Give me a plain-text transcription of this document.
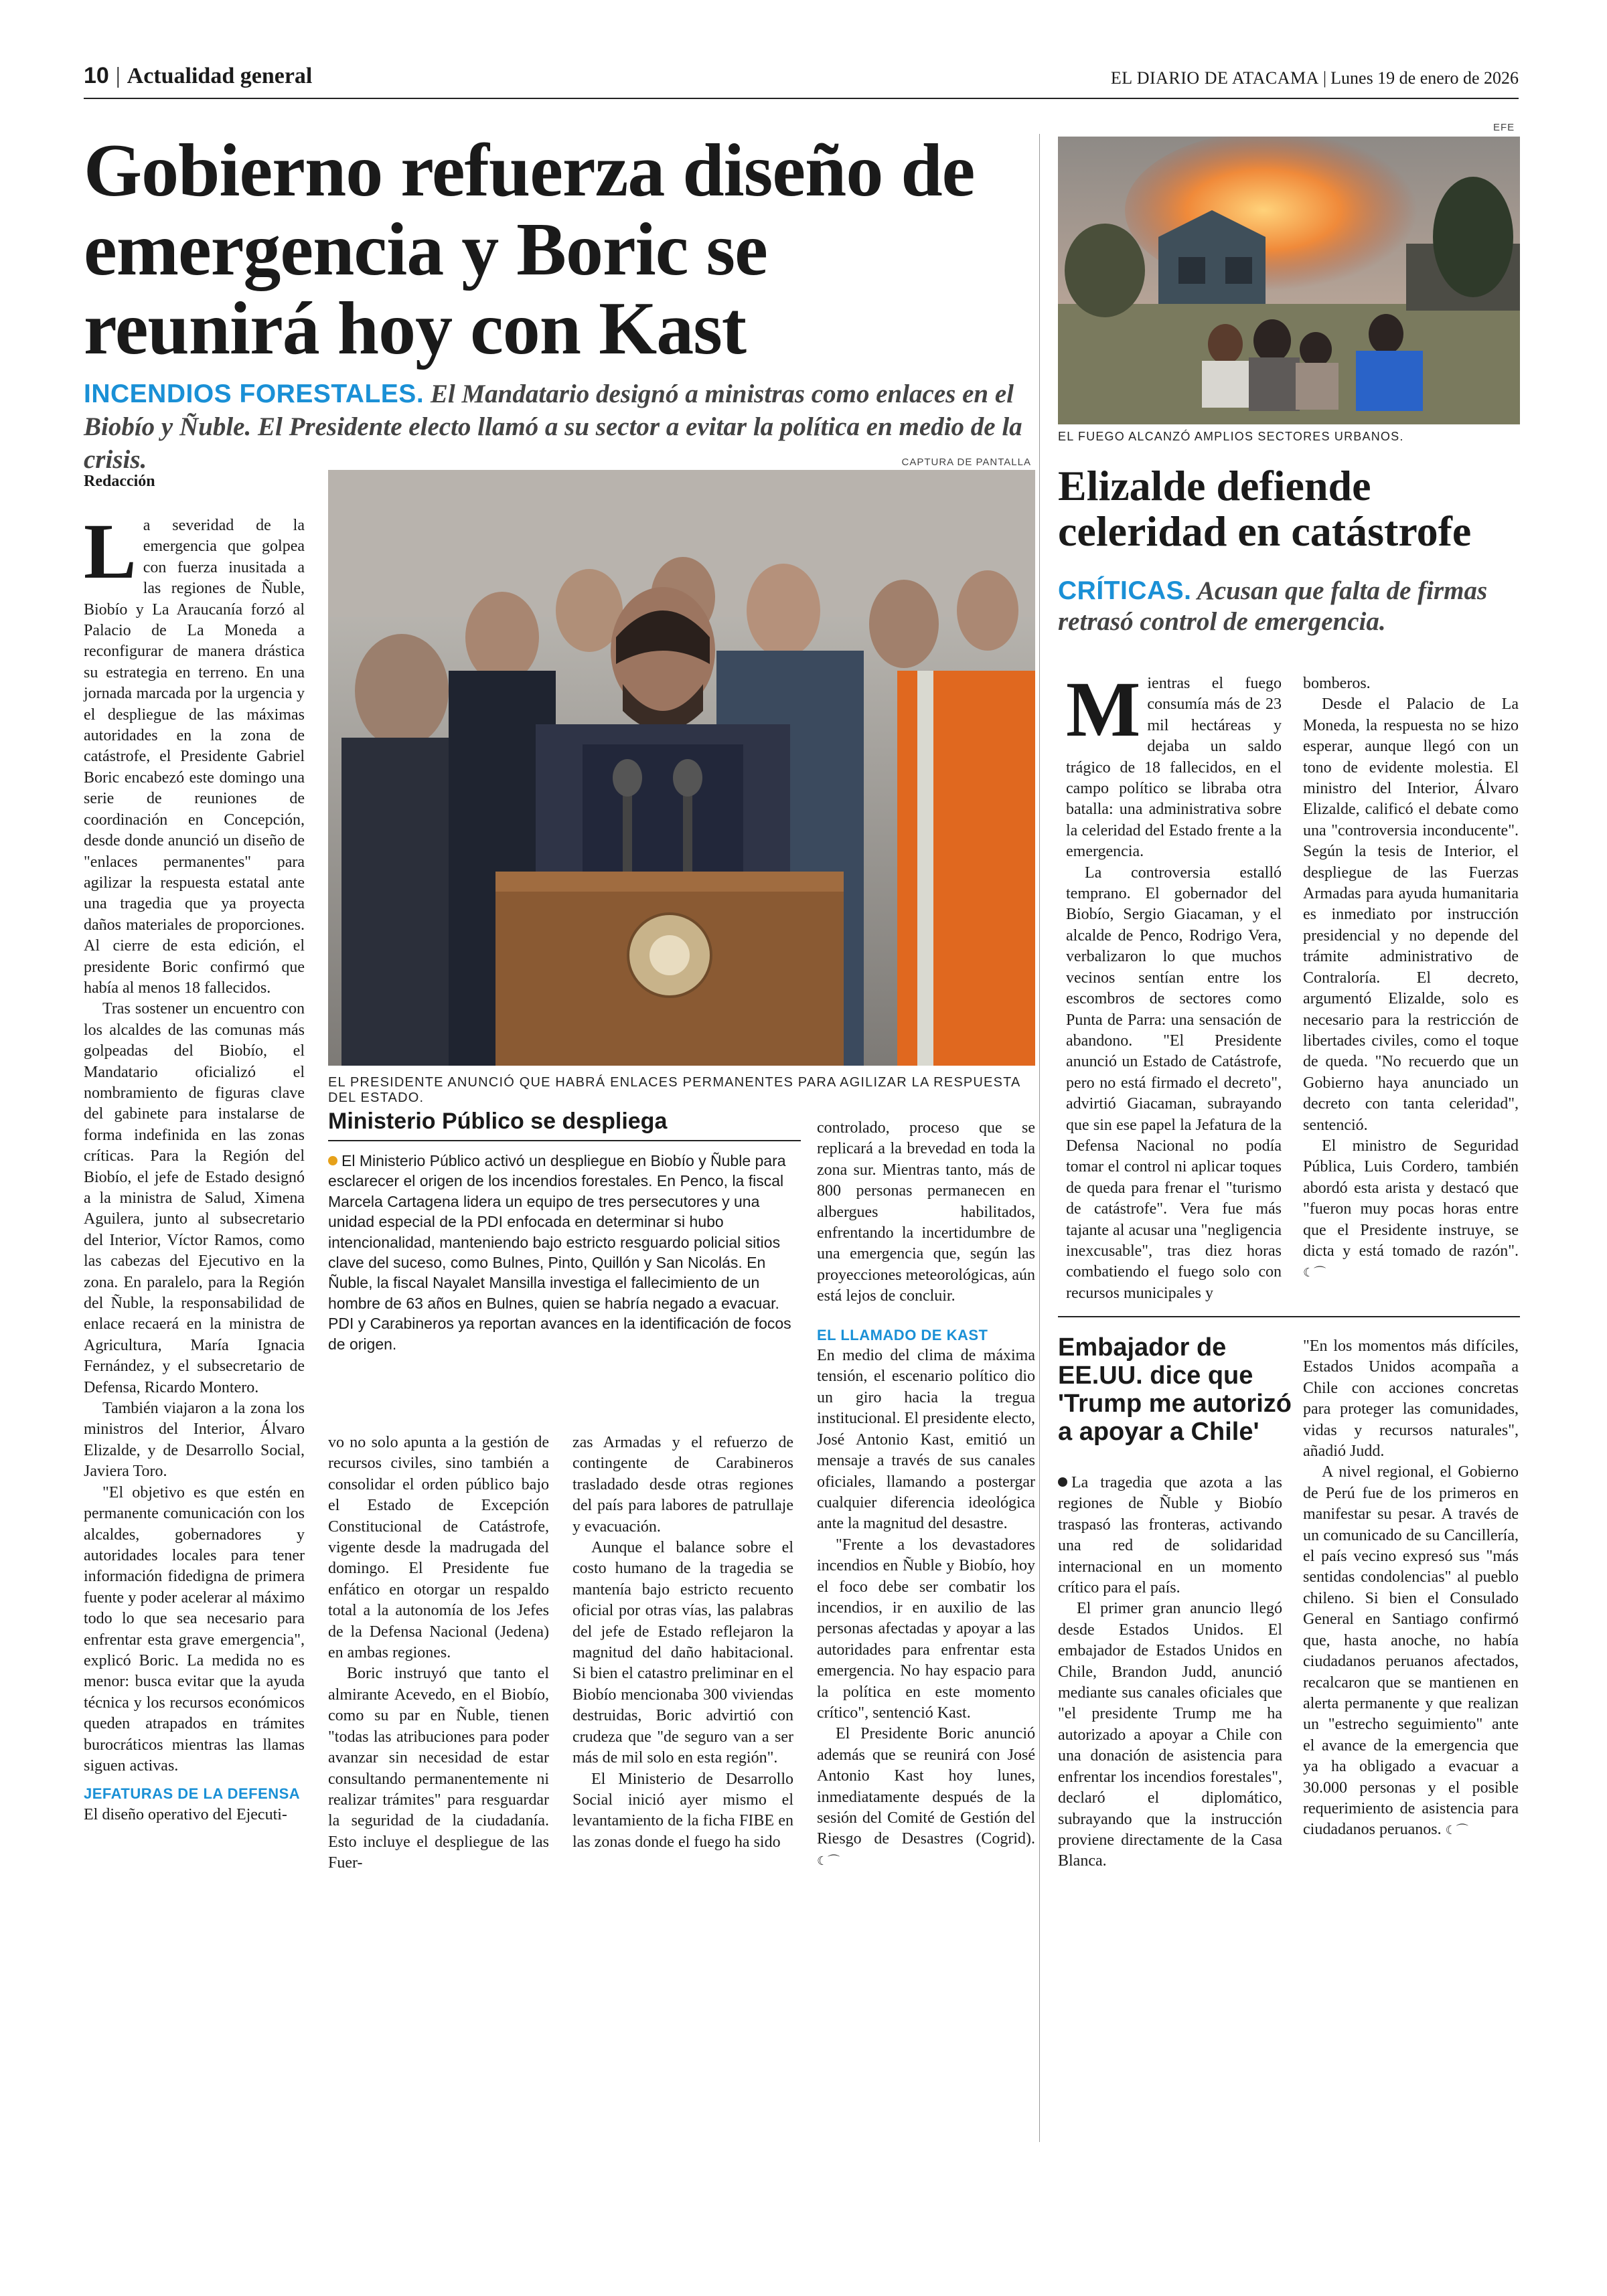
10 | Actualidad general	EL DIARIO DE ATACAMA | Lunes 19 de enero de 2026
Gobierno refuerza diseño de emergencia y Boric se reunirá hoy con Kast
INCENDIOS FORESTALES. El Mandatario designó a ministras como enlaces en el Biobío y Ñuble. El Presidente electo llamó a su sector a evitar la política en medio de la crisis.
Redacción
CAPTURA DE PANTALLA
EL PRESIDENTE ANUNCIÓ QUE HABRÁ ENLACES PERMANENTES PARA AGILIZAR LA RESPUESTA DEL ESTADO.

La severidad de la emergencia que golpea con fuerza inusitada a las regiones de Ñuble, Biobío y La Araucanía forzó al Palacio de La Moneda a reconfigurar de manera drástica su estrategia en terreno. En una jornada marcada por la urgencia y el despliegue de las máximas autoridades en la zona de catástrofe, el Presidente Gabriel Boric encabezó este domingo una serie de reuniones de coordinación en Concepción, desde donde anunció un diseño de "enlaces permanentes" para agilizar la respuesta estatal ante una tragedia que ya proyecta daños materiales de proporciones. Al cierre de esta edición, el presidente Boric confirmó que había al menos 18 fallecidos.

Tras sostener un encuentro con los alcaldes de las comunas más golpeadas del Biobío, el Mandatario oficializó el nombramiento de figuras clave del gabinete para instalarse de forma indefinida en las zonas críticas. Para la Región del Biobío, el jefe de Estado designó a la ministra de Salud, Ximena Aguilera, junto al subsecretario del Interior, Víctor Ramos, como las cabezas del Ejecutivo en la zona. En paralelo, para la Región del Ñuble, la responsabilidad de enlace recaerá en la ministra de Agricultura, María Ignacia Fernández, y el subsecretario de Defensa, Ricardo Montero.

También viajaron a la zona los ministros del Interior, Álvaro Elizalde, y de Desarrollo Social, Javiera Toro.

"El objetivo es que estén en permanente comunicación con los alcaldes, gobernadores y autoridades locales para tener información fidedigna de primera fuente y poder acelerar al máximo todo lo que sea necesario para enfrentar esta grave emergencia", explicó Boric. La medida no es menor: busca evitar que la ayuda técnica y los recursos económicos queden atrapados en trámites burocráticos mientras las llamas siguen activas.

JEFATURAS DE LA DEFENSA

El diseño operativo del Ejecuti-

Ministerio Público se despliega
El Ministerio Público activó un despliegue en Biobío y Ñuble para esclarecer el origen de los incendios forestales. En Penco, la fiscal Marcela Cartagena lidera un equipo de tres persecutores y una unidad especial de la PDI enfocada en determinar si hubo intencionalidad, manteniendo bajo estricto resguardo policial sitios clave del suceso, como Bulnes, Pinto, Quillón y San Nicolás. En Ñuble, la fiscal Nayalet Mansilla investiga el fallecimiento de un hombre de 63 años en Bulnes, quien se habría negado a evacuar. PDI y Carabineros ya reportan avances en la identificación de focos de origen.

vo no solo apunta a la gestión de recursos civiles, sino también a consolidar el orden público bajo el Estado de Excepción Constitucional de Catástrofe, vigente desde la madrugada del domingo. El Presidente fue enfático en otorgar un respaldo total a la autonomía de los Jefes de la Defensa Nacional (Jedena) en ambas regiones.

Boric instruyó que tanto el almirante Acevedo, en el Biobío, como su par en Ñuble, tienen "todas las atribuciones para poder avanzar sin necesidad de estar consultando permanentemente ni realizar trámites" para resguardar la seguridad de la ciudadanía. Esto incluye el despliegue de las Fuer-

zas Armadas y el refuerzo de contingente de Carabineros trasladado desde otras regiones del país para labores de patrullaje y evacuación.

Aunque el balance sobre el costo humano de la tragedia se mantenía bajo estricto recuento oficial por otras vías, las palabras del jefe de Estado reflejaron la magnitud del daño habitacional. Si bien el catastro preliminar en el Biobío mencionaba 300 viviendas destruidas, Boric advirtió con crudeza que "de seguro van a ser más de mil solo en esta región".

El Ministerio de Desarrollo Social inició ayer mismo el levantamiento de la ficha FIBE en las zonas donde el fuego ha sido

controlado, proceso que se replicará a la brevedad en toda la zona sur. Mientras tanto, más de 800 personas permanecen en albergues habilitados, enfrentando la incertidumbre de una emergencia que, según las proyecciones meteorológicas, aún está lejos de concluir.

EL LLAMADO DE KAST

En medio del clima de máxima tensión, el escenario político dio un giro hacia la tregua institucional. El presidente electo, José Antonio Kast, emitió un mensaje a través de sus canales oficiales, llamando a postergar cualquier diferencia ideológica ante la magnitud del desastre.

"Frente a los devastadores incendios en Ñuble y Biobío, hoy el foco debe ser combatir los incendios, ir en auxilio de las personas afectadas y apoyar a las autoridades para enfrentar esta emergencia. No hay espacio para la política en este momento crítico", sentenció Kast.

El Presidente Boric anunció además que se reunirá con José Antonio Kast hoy lunes, inmediatamente después de la sesión del Comité de Gestión del Riesgo de Desastres (Cogrid). ☾⌒

EFE
EL FUEGO ALCANZÓ AMPLIOS SECTORES URBANOS.
Elizalde defiende celeridad en catástrofe
CRÍTICAS. Acusan que falta de firmas retrasó control de emergencia.

Mientras el fuego consumía más de 23 mil hectáreas y dejaba un saldo trágico de 18 fallecidos, en el campo político se libraba otra batalla: una administrativa sobre la celeridad del Estado frente a la emergencia.

La controversia estalló temprano. El gobernador del Biobío, Sergio Giacaman, y el alcalde de Penco, Rodrigo Vera, verbalizaron lo que muchos vecinos sentían entre los escombros de sectores como Punta de Parra: una sensación de abandono. "El Presidente anunció un Estado de Catástrofe, pero no está firmado el decreto", advirtió Giacaman, subrayando que sin ese papel la Jefatura de la Defensa Nacional no podía tomar el control ni aplicar toques de queda para frenar el "turismo de catástrofe". Vera fue más tajante al acusar una "negligencia inexcusable", tras diez horas combatiendo el fuego solo con recursos municipales y

bomberos.

Desde el Palacio de La Moneda, la respuesta no se hizo esperar, aunque llegó con un tono de evidente molestia. El ministro del Interior, Álvaro Elizalde, calificó el debate como una "controversia inconducente". Según la tesis de Interior, el despliegue de las Fuerzas Armadas para ayuda humanitaria es inmediato por instrucción presidencial y no depende del trámite administrativo de Contraloría. El decreto, argumentó Elizalde, solo es necesario para la restricción de libertades civiles, como el toque de queda. "No recuerdo que un Gobierno haya anunciado un decreto con tanta celeridad", sentenció.

El ministro de Seguridad Pública, Luis Cordero, también abordó esta arista y destacó que "fueron muy pocas horas entre que el Presidente instruye, se dicta y está tomado de razón". ☾⌒

Embajador de EE.UU. dice que 'Trump me autorizó a apoyar a Chile'

La tragedia que azota a las regiones de Ñuble y Biobío traspasó las fronteras, activando una red de solidaridad internacional en un momento crítico para el país.

El primer gran anuncio llegó desde Estados Unidos. El embajador de Estados Unidos en Chile, Brandon Judd, anunció mediante sus canales oficiales que "el presidente Trump me ha autorizado a apoyar a Chile con una donación de asistencia para enfrentar los incendios forestales", declaró el diplomático, subrayando que la instrucción proviene directamente de la Casa Blanca.

"En los momentos más difíciles, Estados Unidos acompaña a Chile con acciones concretas para proteger las comunidades, vidas y recursos naturales", añadió Judd.

A nivel regional, el Gobierno de Perú fue de los primeros en manifestar su pesar. A través de un comunicado de su Cancillería, el país vecino expresó sus "más sentidas condolencias" al pueblo chileno. Si bien el Consulado General en Santiago confirmó que, hasta anoche, no había ciudadanos peruanos afectados, recalcaron que se mantienen en alerta permanente y que realizan un "estrecho seguimiento" ante el avance de la emergencia que ya ha obligado a evacuar a 30.000 personas y el posible requerimiento de asistencia para ciudadanos peruanos. ☾⌒
